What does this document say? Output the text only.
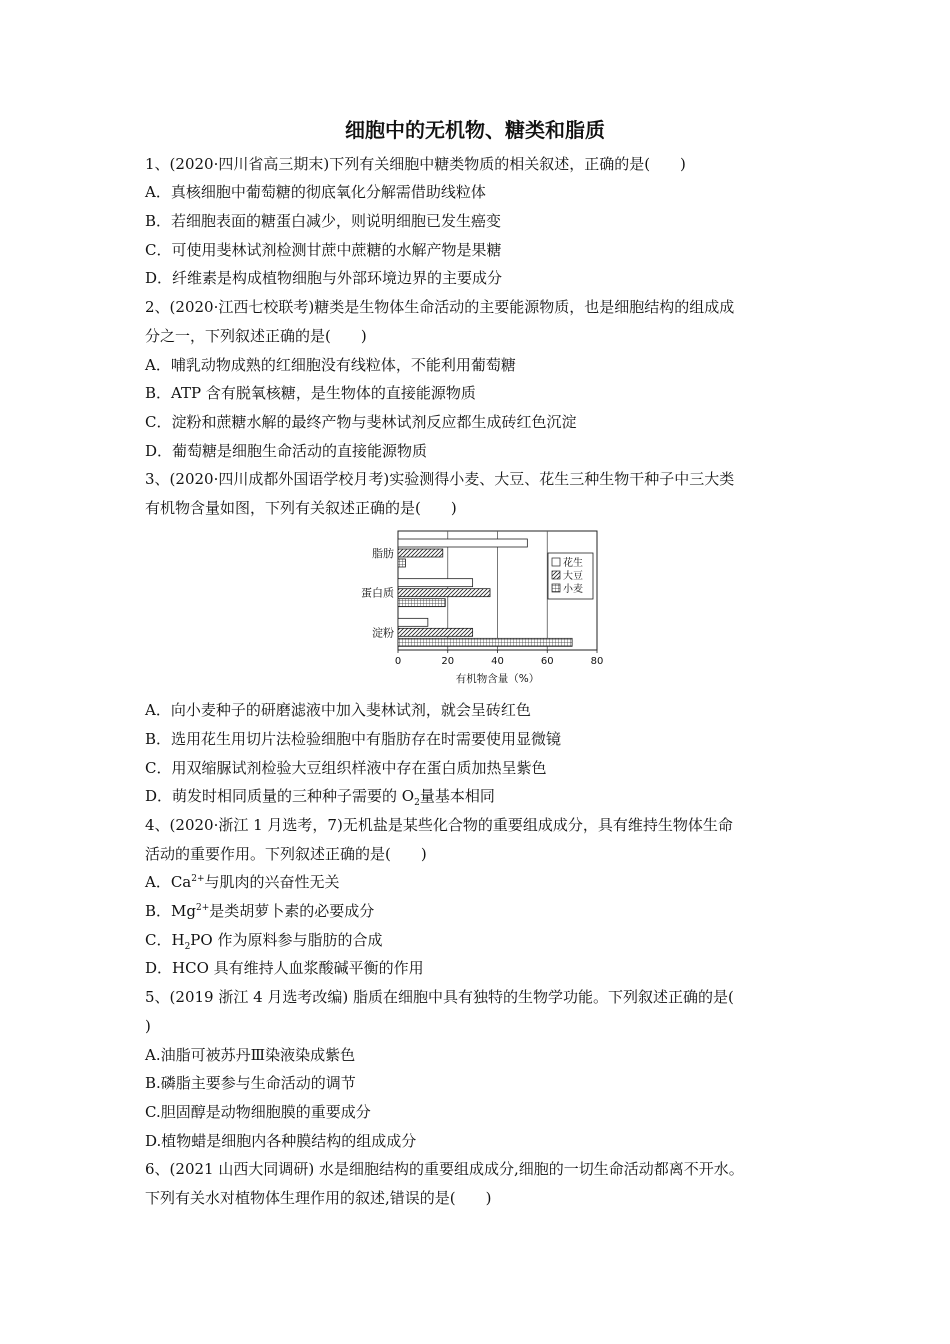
细胞中的无机物、糖类和脂质
1、(2020·四川省高三期末)下列有关细胞中糖类物质的相关叙述，正确的是(　　)
A．真核细胞中葡萄糖的彻底氧化分解需借助线粒体
B．若细胞表面的糖蛋白减少，则说明细胞已发生癌变
C．可使用斐林试剂检测甘蔗中蔗糖的水解产物是果糖
D．纤维素是构成植物细胞与外部环境边界的主要成分
2、(2020·江西七校联考)糖类是生物体生命活动的主要能源物质，也是细胞结构的组成成
分之一，下列叙述正确的是(　　)
A．哺乳动物成熟的红细胞没有线粒体，不能利用葡萄糖
B．ATP 含有脱氧核糖，是生物体的直接能源物质
C．淀粉和蔗糖水解的最终产物与斐林试剂反应都生成砖红色沉淀
D．葡萄糖是细胞生命活动的直接能源物质
3、(2020·四川成都外国语学校月考)实验测得小麦、大豆、花生三种生物干种子中三大类
有机物含量如图，下列有关叙述正确的是(　　)
脂肪
蛋白质
淀粉
0	20	40	60	80
有机物含量（%）
花生
大豆
小麦
A．向小麦种子的研磨滤液中加入斐林试剂，就会呈砖红色
B．选用花生用切片法检验细胞中有脂肪存在时需要使用显微镜
C．用双缩脲试剂检验大豆组织样液中存在蛋白质加热呈紫色
D．萌发时相同质量的三种种子需要的 $O_2$量基本相同
4、(2020·浙江 1 月选考，7)无机盐是某些化合物的重要组成成分，具有维持生物体生命
活动的重要作用。下列叙述正确的是(　　)
A．$Ca^{2+}$与肌肉的兴奋性无关
B．$Mg^{2+}$是类胡萝卜素的必要成分
C．$H_2PO$ 作为原料参与脂肪的合成
D．HCO 具有维持人血浆酸碱平衡的作用
5、(2019 浙江 4 月选考改编) 脂质在细胞中具有独特的生物学功能。下列叙述正确的是(
)
A.油脂可被苏丹Ⅲ染液染成紫色
B.磷脂主要参与生命活动的调节
C.胆固醇是动物细胞膜的重要成分
D.植物蜡是细胞内各种膜结构的组成成分
6、(2021 山西大同调研) 水是细胞结构的重要组成成分,细胞的一切生命活动都离不开水。
下列有关水对植物体生理作用的叙述,错误的是(　　)
